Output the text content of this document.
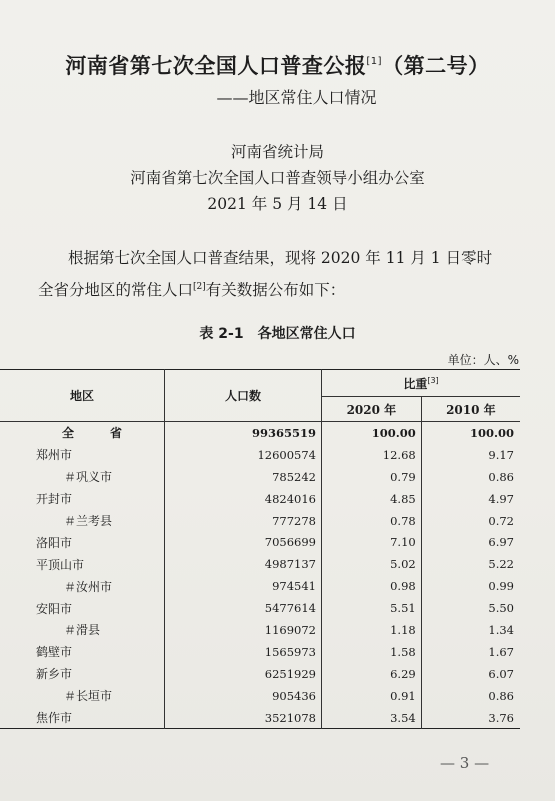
河南省第七次全国人口普查公报[1]（第二号）
——地区常住人口情况
河南省统计局
河南省第七次全国人口普查领导小组办公室
2021 年 5 月 14 日
根据第七次全国人口普查结果，现将 2020 年 11 月 1 日零时
全省分地区的常住人口[2]有关数据公布如下：
表 2-1　各地区常住人口
单位：人、%
地区	人口数	比重[3]
		2020 年	2010 年
全　省	99365519	100.00	100.00
郑州市	12600574	12.68	9.17
＃巩义市	785242	0.79	0.86
开封市	4824016	4.85	4.97
＃兰考县	777278	0.78	0.72
洛阳市	7056699	7.10	6.97
平顶山市	4987137	5.02	5.22
＃汝州市	974541	0.98	0.99
安阳市	5477614	5.51	5.50
＃滑县	1169072	1.18	1.34
鹤壁市	1565973	1.58	1.67
新乡市	6251929	6.29	6.07
＃长垣市	905436	0.91	0.86
焦作市	3521078	3.54	3.76
— 3 —
